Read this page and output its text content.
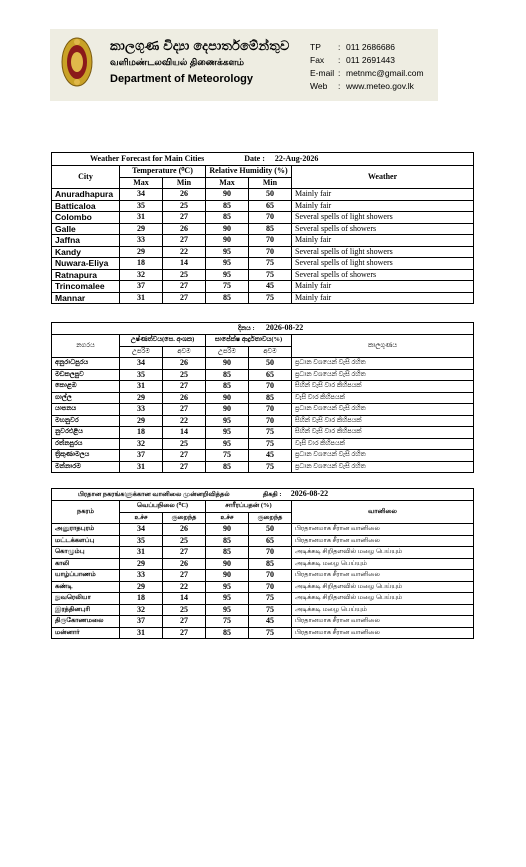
කාලගුණ විද්‍යා දෙපාර්තමේන්තුව
வளிமண்டலவியல் திணைக்களம்
Department of Meteorology
TP	: 011 2686686
Fax	: 011 2691443
E-mail : metnmc@gmail.com
Web	: www.meteo.gov.lk
Weather Forecast for Main Cities Date : 22-Aug-2026					
City	Temperature (⁰C)		Relative Humidity (%)		Weather
	Max	Min	Max	Min	
Anuradhapura	34	26	90	50	Mainly fair
Batticaloa	35	25	85	65	Mainly fair
Colombo	31	27	85	70	Several spells of light showers
Galle	29	26	90	85	Several spells of showers
Jaffna	33	27	90	70	Mainly fair
Kandy	29	22	95	70	Several spells of light showers
Nuwara-Eliya	18	14	95	75	Several spells of light showers
Ratnapura	32	25	95	75	Several spells of showers
Trincomalee	37	27	75	45	Mainly fair
Mannar	31	27	85	75	Mainly fair
දිනය : 2026-08-22					
නගරය	උෂ්ණත්වය(සෙ. අංශක)		සාපේක්ෂ ආර්ද්‍රතාවය(%)		කාලගුණය
	උපරිම	අවම	උපරිම	අවම	
අනුරාධපුරය	34	26	90	50	ප්‍රධාන වශයෙන් වැසි රහිත
මඩකලපුව	35	25	85	65	ප්‍රධාන වශයෙන් වැසි රහිත
කොළඹ	31	27	85	70	සිහින් වැසි වාර කිහිපයක්
ගාල්ල	29	26	90	85	වැසි වාර කිහිපයක්
යාපනය	33	27	90	70	ප්‍රධාන වශයෙන් වැසි රහිත
මහනුවර	29	22	95	70	සිහින් වැසි වාර කිහිපයක්
නුවරඑළිය	18	14	95	75	සිහින් වැසි වාර කිහිපයක්
රත්නපුරය	32	25	95	75	වැසි වාර කිහිපයක්
ත්‍රිකුණාමලය	37	27	75	45	ප්‍රධාන වශයෙන් වැසි රහිත
මන්නාරම	31	27	85	75	ප්‍රධාන වශයෙන් වැසි රහිත
பிரதான நகரங்களுக்கான வானிலை முன்னறிவித்தல் திகதி : 2026-08-22					
நகரம்	வெப்பநிலை (⁰C)		சாரீரப்பதன் (%)		வானிலை
	உச்ச	குறைந்த	உச்ச	குறைந்த	
அனுராதபுரம்	34	26	90	50	பிரதானமாக சீரான வானிலை
மட்டக்களப்பு	35	25	85	65	பிரதானமாக சீரான வானிலை
கொழும்பு	31	27	85	70	அடிக்கடி சிறிதளவில் மழை பெய்யும்
காலி	29	26	90	85	அடிக்கடி மழை பெய்யும்
யாழ்ப்பாணம்	33	27	90	70	பிரதானமாக சீரான வானிலை
கண்டி	29	22	95	70	அடிக்கடி சிறிதளவில் மழை பெய்யும்
நுவரெலியா	18	14	95	75	அடிக்கடி சிறிதளவில் மழை பெய்யும்
இரத்தினபுரி	32	25	95	75	அடிக்கடி மழை பெய்யும்
திருகோணமலை	37	27	75	45	பிரதானமாக சீரான வானிலை
மன்னார்	31	27	85	75	பிரதானமாக சீரான வானிலை
